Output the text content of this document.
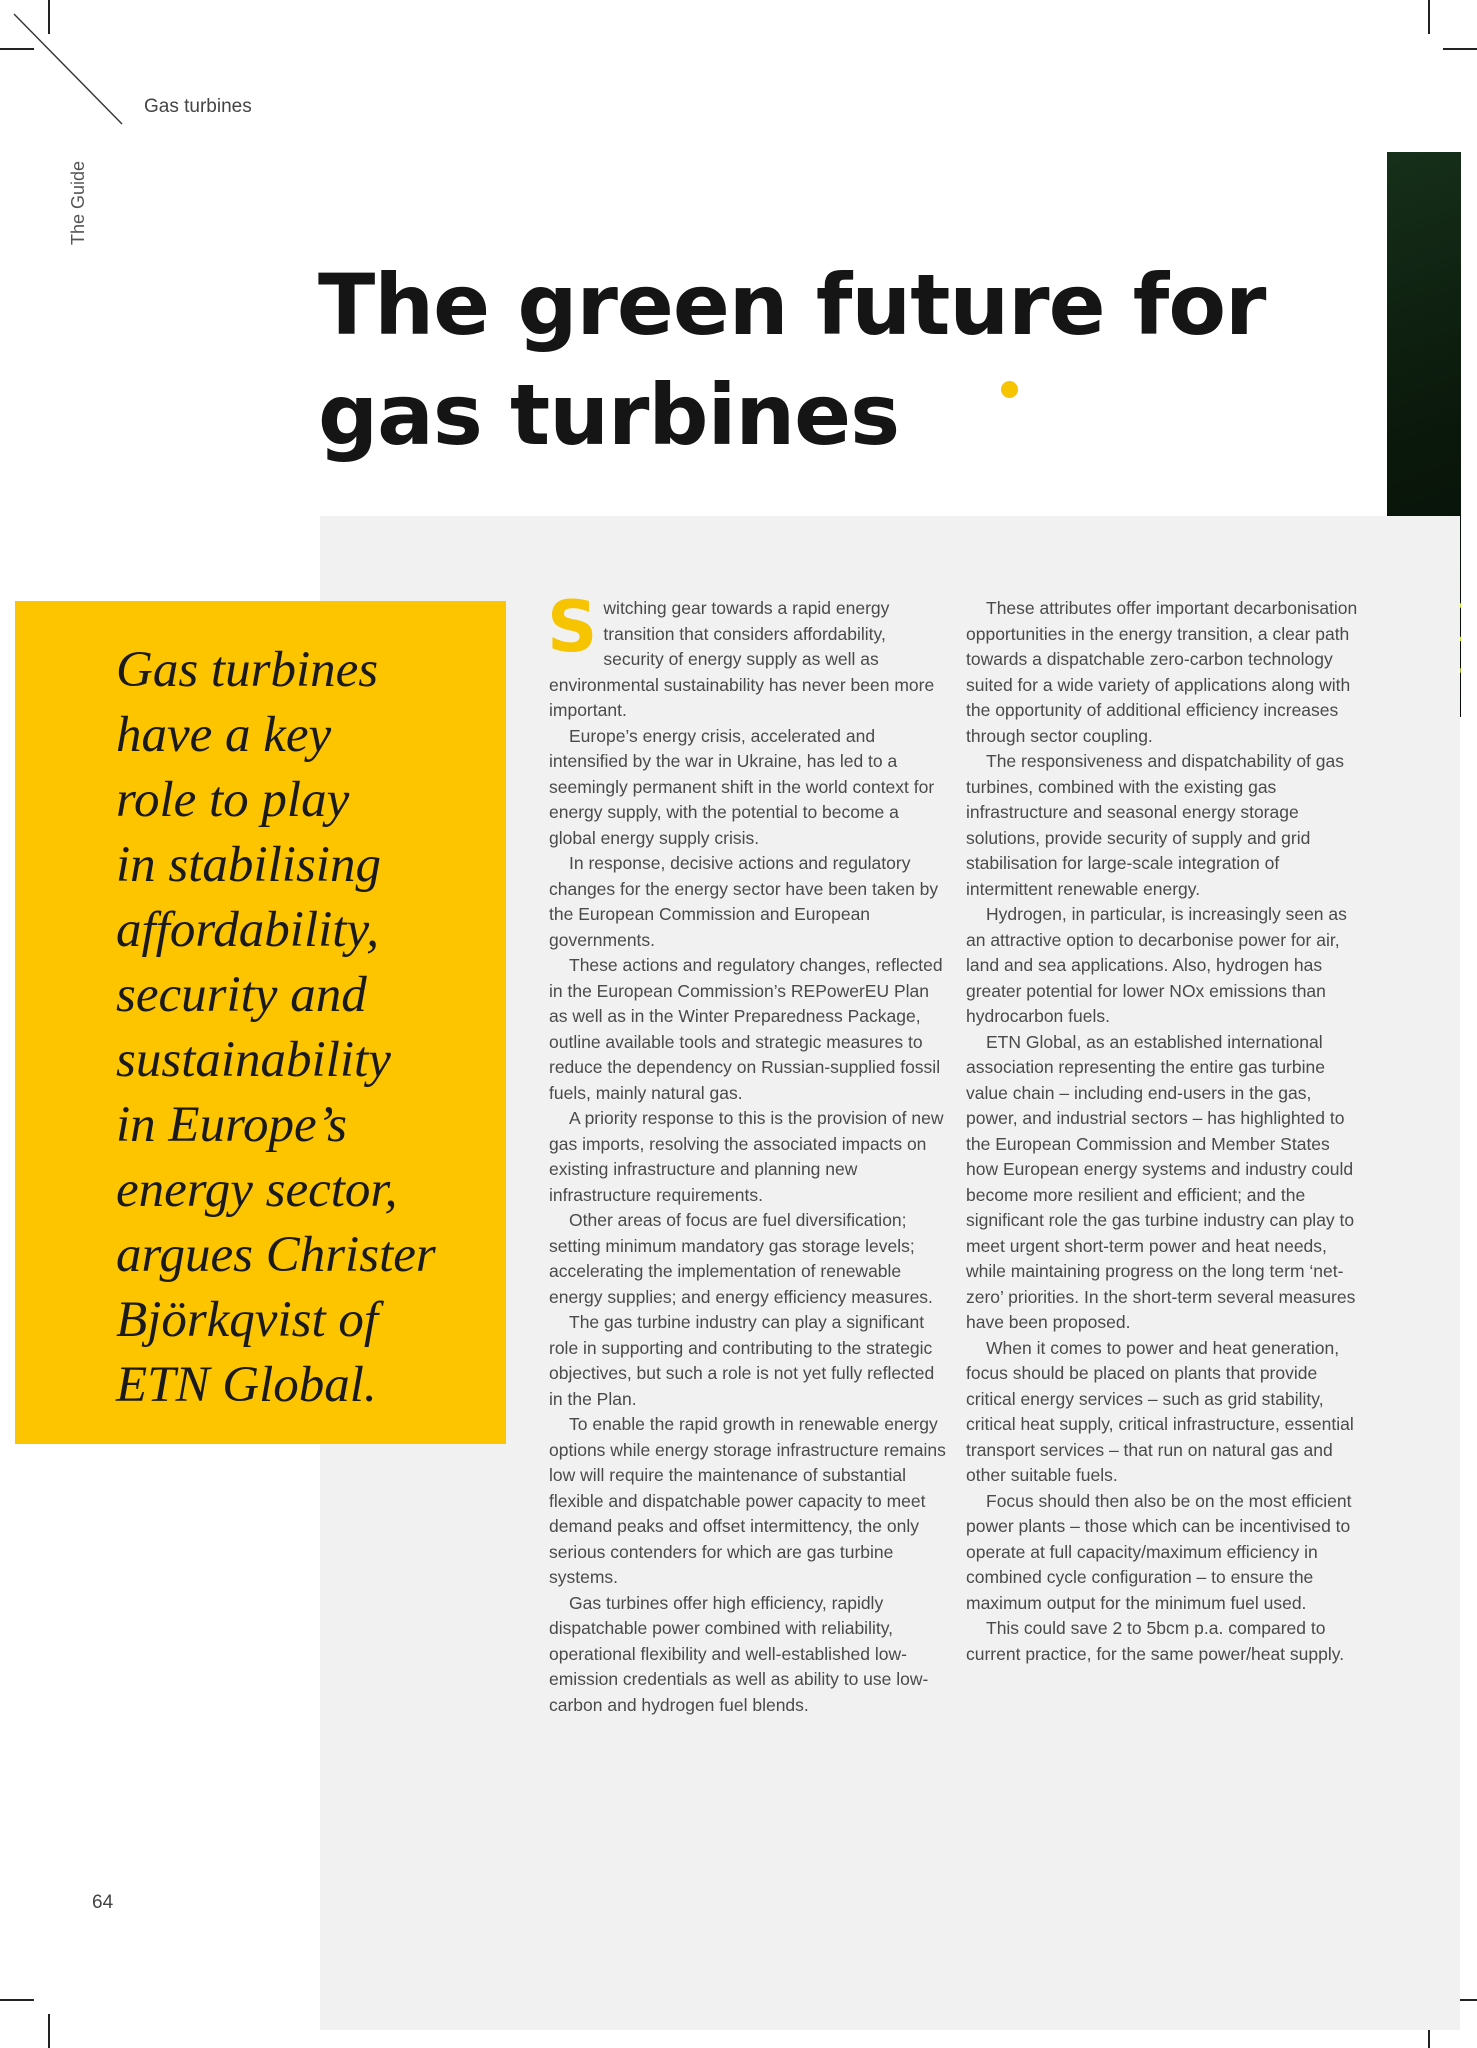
Gas turbines
The Guide
The green future for
gas turbines
Gas turbines
have a key
role to play
in stabilising
affordability,
security and
sustainability
in Europe’s
energy sector,
argues Christer
Björkqvist of
ETN Global.

Switching gear towards a rapid energy transition that considers affordability, security of energy supply as well as environmental sustainability has never been more important.

Europe’s energy crisis, accelerated and intensified by the war in Ukraine, has led to a seemingly permanent shift in the world context for energy supply, with the potential to become a global energy supply crisis.

In response, decisive actions and regulatory changes for the energy sector have been taken by the European Commission and European governments.

These actions and regulatory changes, reflected in the European Commission’s REPowerEU Plan as well as in the Winter Preparedness Package, outline available tools and strategic measures to reduce the dependency on Russian-supplied fossil fuels, mainly natural gas.

A priority response to this is the provision of new gas imports, resolving the associated impacts on existing infrastructure and planning new infrastructure requirements.

Other areas of focus are fuel diversification; setting minimum mandatory gas storage levels; accelerating the implementation of renewable energy supplies; and energy efficiency measures.

The gas turbine industry can play a significant role in supporting and contributing to the strategic objectives, but such a role is not yet fully reflected in the Plan.

To enable the rapid growth in renewable energy options while energy storage infrastructure remains low will require the maintenance of substantial flexible and dispatchable power capacity to meet demand peaks and offset intermittency, the only serious contenders for which are gas turbine systems.

Gas turbines offer high efficiency, rapidly dispatchable power combined with reliability, operational flexibility and well-established low-emission credentials as well as ability to use low-carbon and hydrogen fuel blends.

These attributes offer important decarbonisation opportunities in the energy transition, a clear path towards a dispatchable zero-carbon technology suited for a wide variety of applications along with the opportunity of additional efficiency increases through sector coupling.

The responsiveness and dispatchability of gas turbines, combined with the existing gas infrastructure and seasonal energy storage solutions, provide security of supply and grid stabilisation for large-scale integration of intermittent renewable energy.

Hydrogen, in particular, is increasingly seen as an attractive option to decarbonise power for air, land and sea applications. Also, hydrogen has greater potential for lower NOx emissions than hydrocarbon fuels.

ETN Global, as an established international association representing the entire gas turbine value chain – including end-users in the gas, power, and industrial sectors – has highlighted to the European Commission and Member States how European energy systems and industry could become more resilient and efficient; and the significant role the gas turbine industry can play to meet urgent short-term power and heat needs, while maintaining progress on the long term ‘net-zero’ priorities. In the short-term several measures have been proposed.

When it comes to power and heat generation, focus should be placed on plants that provide critical energy services – such as grid stability, critical heat supply, critical infrastructure, essential transport services – that run on natural gas and other suitable fuels.

Focus should then also be on the most efficient power plants – those which can be incentivised to operate at full capacity/maximum efficiency in combined cycle configuration – to ensure the maximum output for the minimum fuel used.

This could save 2 to 5bcm p.a. compared to current practice, for the same power/heat supply.

64
